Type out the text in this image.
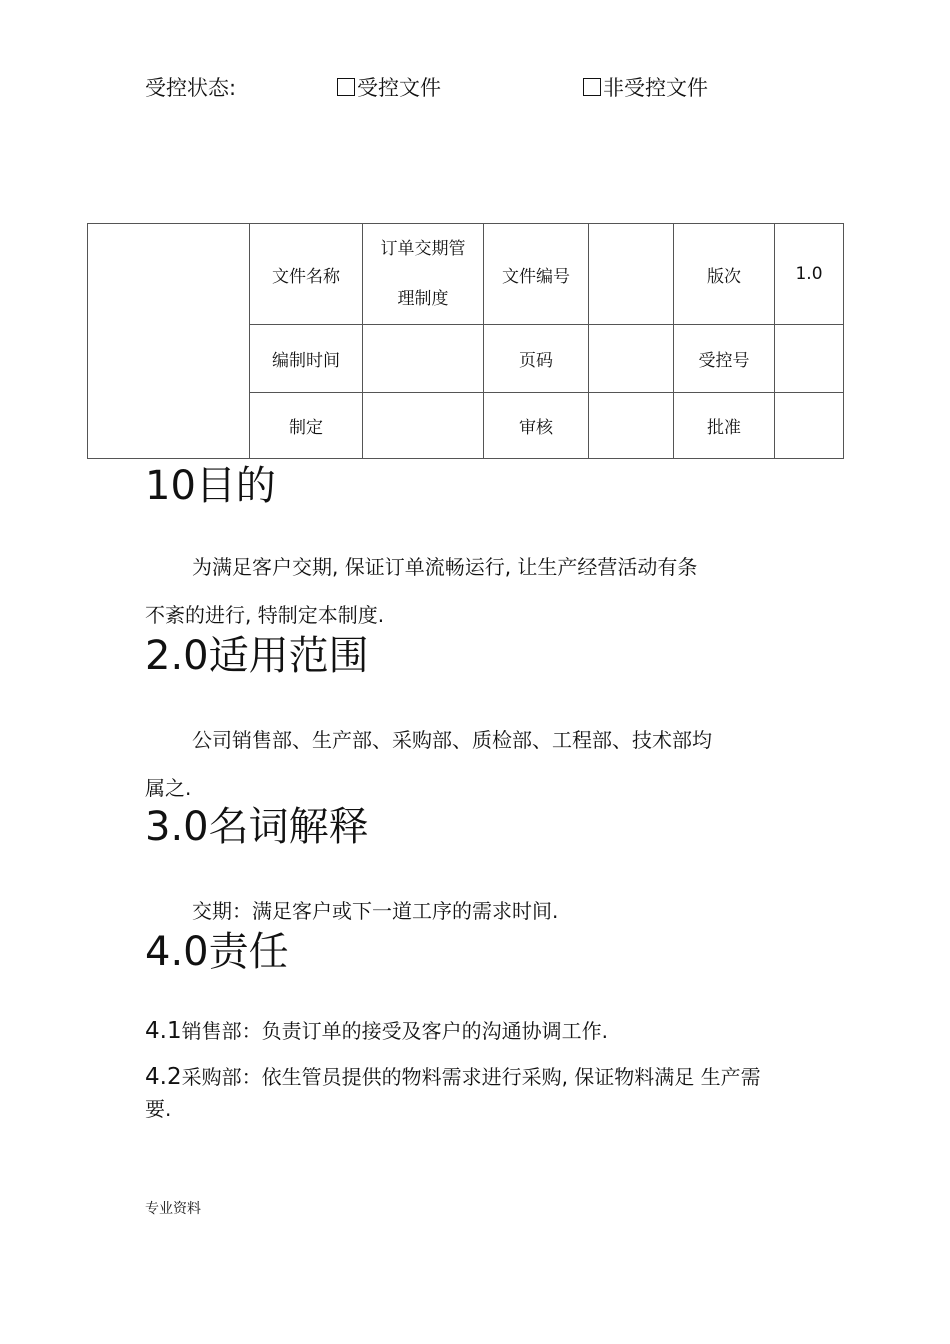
受控状态:	受控文件	非受控文件
	文件名称	订单交期管
理制度	文件编号		版次	1.0
	编制时间		页码		受控号	
	制定		审核		批准	
10目的

为满足客户交期, 保证订单流畅运行, 让生产经营活动有条

不紊的进行, 特制定本制度.

2.0适用范围

公司销售部、生产部、采购部、质检部、工程部、技术部均

属之.

3.0名词解释

交期：满足客户或下一道工序的需求时间.

4.0责任

4.1销售部：负责订单的接受及客户的沟通协调工作.

4.2采购部：依生管员提供的物料需求进行采购, 保证物料满足 生产需

要.

专业资料
